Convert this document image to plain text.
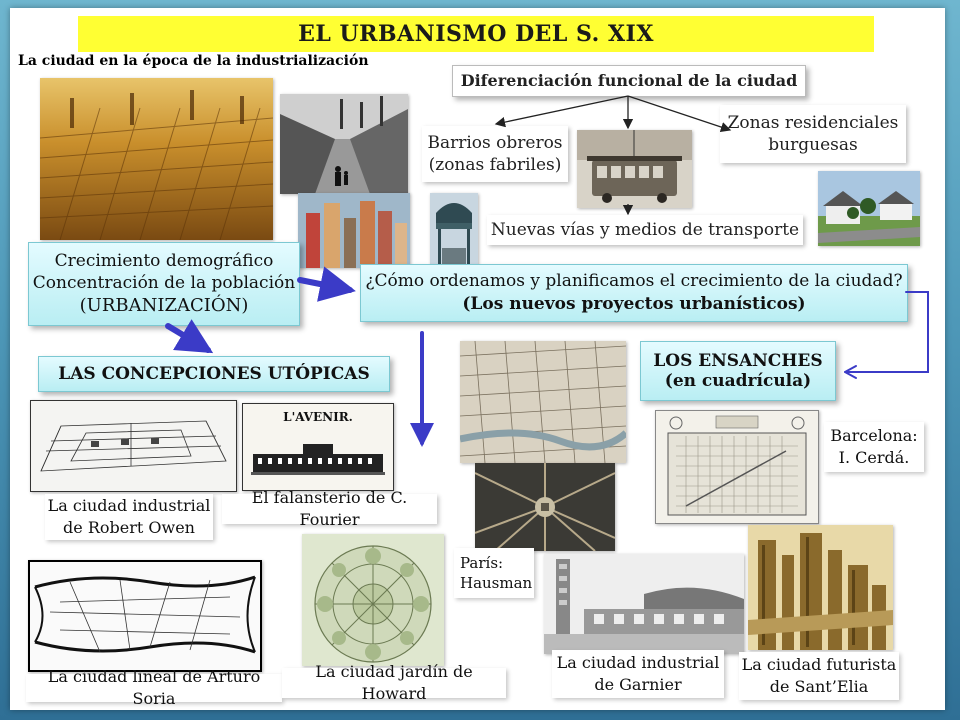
EL URBANISMO DEL S. XIX
La ciudad en la época de la industrialización
Diferenciación funcional de la ciudad
Barrios obreros
(zonas fabriles)
Zonas residenciales
burguesas
Nuevas vías y medios de transporte
Crecimiento demográfico
Concentración de la población
(URBANIZACIÓN)
¿Cómo ordenamos y planificamos el crecimiento de la ciudad?
(Los nuevos proyectos urbanísticos)
LAS CONCEPCIONES UTÓPICAS
LOS ENSANCHES
(en cuadrícula)
L'AVENIR.
La ciudad industrial
de Robert Owen
El falansterio de C. Fourier
La ciudad lineal de Arturo Soria
La ciudad jardín de Howard
París:
Hausman
La ciudad industrial
de Garnier
Barcelona:
I. Cerdá.
La ciudad futurista
de Sant’Elia
